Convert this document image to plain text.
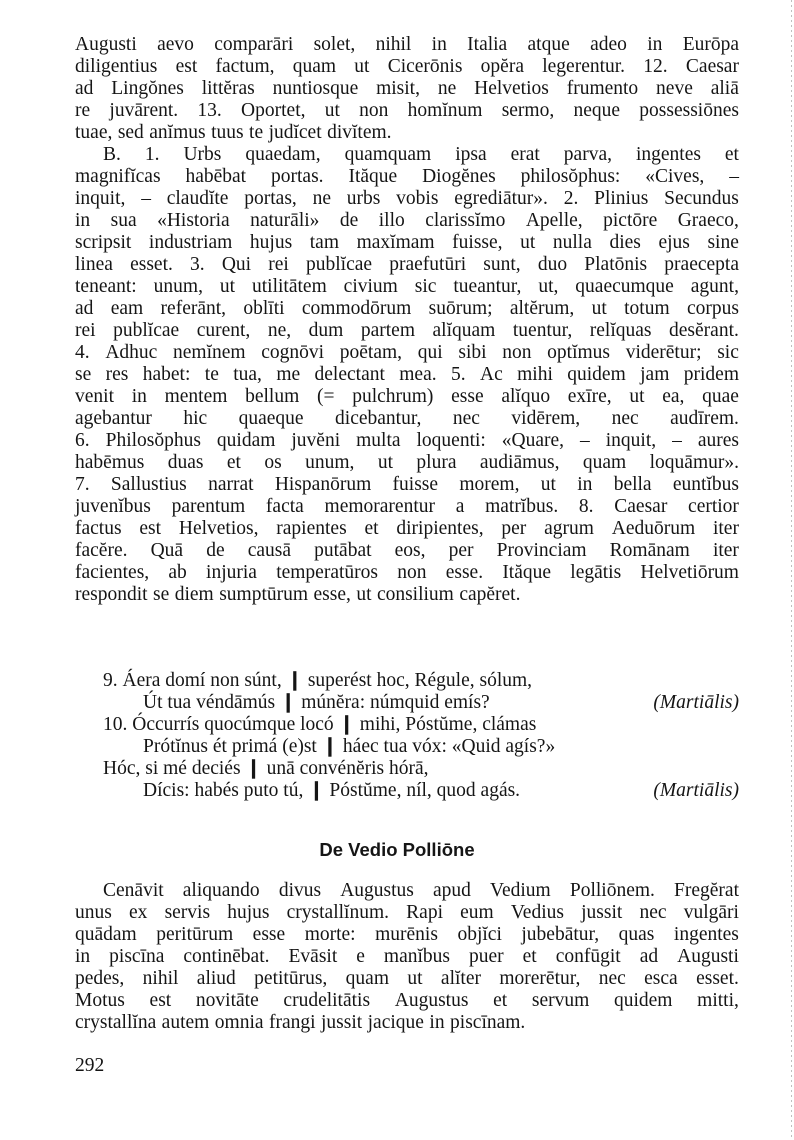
Augusti aevo comparāri solet, nihil in Italia atque adeo in Eurōpa
diligentius est factum, quam ut Cicerōnis opĕra legerentur. 12. Caesar
ad Lingŏnes littĕras nuntiosque misit, ne Helvetios frumento neve aliā
re juvārent. 13. Oportet, ut non homĭnum sermo, neque possessiōnes
tuae, sed anĭmus tuus te judĭcet divĭtem.
B. 1. Urbs quaedam, quamquam ipsa erat parva, ingentes et
magnifĭcas habēbat portas. Ităque Diogĕnes philosŏphus: «Cives, –
inquit, – claudĭte portas, ne urbs vobis egrediātur». 2. Plinius Secundus
in sua «Historia naturāli» de illo clarissĭmo Apelle, pictōre Graeco,
scripsit industriam hujus tam maxĭmam fuisse, ut nulla dies ejus sine
linea esset. 3. Qui rei publĭcae praefutūri sunt, duo Platōnis praecepta
teneant: unum, ut utilitātem civium sic tueantur, ut, quaecumque agunt,
ad eam referānt, oblīti commodōrum suōrum; altĕrum, ut totum corpus
rei publĭcae curent, ne, dum partem alĭquam tuentur, relĭquas desĕrant.
4. Adhuc nemĭnem cognōvi poētam, qui sibi non optĭmus viderētur; sic
se res habet: te tua, me delectant mea. 5. Ac mihi quidem jam pridem
venit in mentem bellum (= pulchrum) esse alĭquo exīre, ut ea, quae
agebantur hic quaeque dicebantur, nec vidērem, nec audīrem.
6. Philosŏphus quidam juvĕni multa loquenti: «Quare, – inquit, – aures
habēmus duas et os unum, ut plura audiāmus, quam loquāmur».
7. Sallustius narrat Hispanōrum fuisse morem, ut in bella euntĭbus
juvenĭbus parentum facta memorarentur a matrĭbus. 8. Caesar certior
factus est Helvetios, rapientes et diripientes, per agrum Aeduōrum iter
facĕre. Quā de causā putābat eos, per Provinciam Romānam iter
facientes, ab injuria temperatūros non esse. Ităque legātis Helvetiōrum
respondit se diem sumptūrum esse, ut consilium capĕret.
9. Áera domí non súnt, ❙ superést hoc, Régule, sólum,
Út tua véndāmús ❙ múnĕra: númquid emís?	(Martiālis)
10. Óccurrís quocúmque locó ❙ mihi, Póstŭme, clámas
Prótĭnus ét primá (e)st ❙ háec tua vóx: «Quid agís?»
Hóc, si mé deciés ❙ unā convénĕris hórā,
Dícis: habés puto tú, ❙ Póstŭme, níl, quod agás.	(Martiālis)
De Vedio Polliōne
Cenāvit aliquando divus Augustus apud Vedium Polliōnem. Fregĕrat
unus ex servis hujus crystallĭnum. Rapi eum Vedius jussit nec vulgāri
quādam peritūrum esse morte: murēnis objĭci jubebātur, quas ingentes
in piscīna continēbat. Evāsit e manĭbus puer et confūgit ad Augusti
pedes, nihil aliud petitūrus, quam ut alĭter morerētur, nec esca esset.
Motus est novitāte crudelitātis Augustus et servum quidem mitti,
crystallĭna autem omnia frangi jussit jacique in piscīnam.
292
